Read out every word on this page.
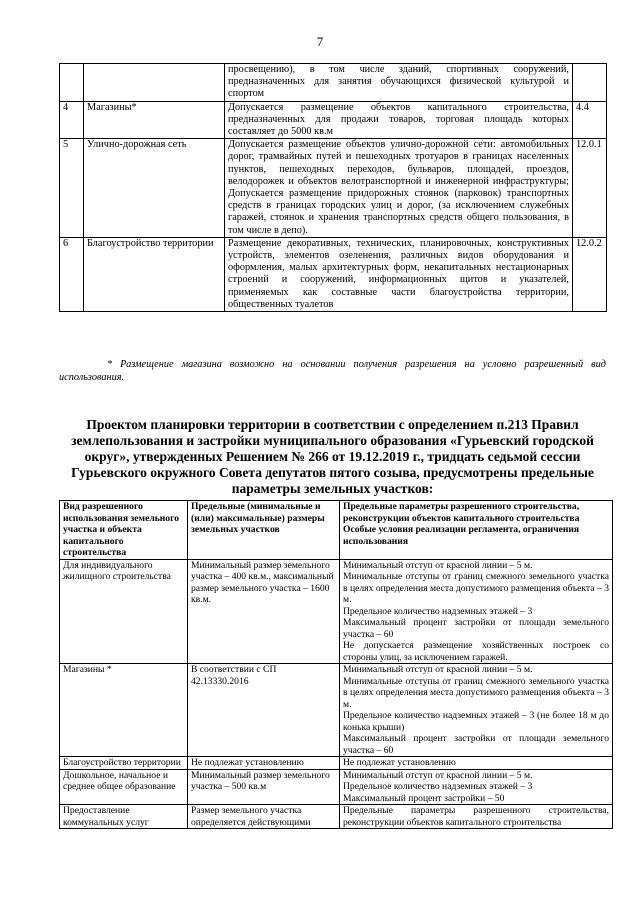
7
		просвещению), в том числе зданий, спортивных сооружений, предназначенных для занятия обучающихся физической культурой и спортом	
4	Магазины*	Допускается размещение объектов капитального строительства, предназначенных для продажи товаров, торговая площадь которых составляет до 5000 кв.м	4.4
5	Улично-дорожная сеть	Допускается размещение объектов улично-дорожной сети: автомобильных дорог, трамвайных путей и пешеходных тротуаров в границах населенных пунктов, пешеходных переходов, бульваров, площадей, проездов, велодорожек и объектов велотранспортной и инженерной инфраструктуры; Допускается размещение придорожных стоянок (парковок) транспортных средств в границах городских улиц и дорог, (за исключением служебных гаражей, стоянок и хранения транспортных средств общего пользования, в том числе в депо).	12.0.1
6	Благоустройство территории	Размещение декоративных, технических, планировочных, конструктивных устройств, элементов озеленения, различных видов оборудования и оформления, малых архитектурных форм, некапитальных нестационарных строений и сооружений, информационных щитов и указателей, применяемых как составные части благоустройства территории, общественных туалетов	12.0.2
* Размещение магазина возможно на основании получения разрешения на условно разрешенный вид использования.
Проектом планировки территории в соответствии с определением п.213 Правил землепользования и застройки муниципального образования «Гурьевский городской округ», утвержденных Решением № 266 от 19.12.2019 г., тридцать седьмой сессии Гурьевского окружного Совета депутатов пятого созыва, предусмотрены предельные параметры земельных участков:
Вид разрешенного использования земельного участка и объекта капитального строительства	Предельные (минимальные и (или) максимальные) размеры земельных участков	Предельные параметры разрешенного строительства, реконструкции объектов капитального строительства Особые условия реализации регламента, ограничения использования
Для индивидуального жилищного строительства	Минимальный размер земельного участка – 400 кв.м., максимальный размер земельного участка – 1600 кв.м.	Минимальный отступ от красной линии – 5 м.
Минимальные отступы от границ смежного земельного участка в целях определения места допустимого размещения объекта – 3 м.
Предельное количество надземных этажей – 3
Максимальный процент застройки от площади земельного участка – 60
Не допускается размещение хозяйственных построек со стороны улиц, за исключением гаражей.

Магазины *	В соответствии с СП 42.13330.2016	Минимальный отступ от красной линии – 5 м.
Минимальные отступы от границ смежного земельного участка в целях определения места допустимого размещения объекта – 3 м.
Предельное количество надземных этажей – 3 (не более 18 м до конька крыши)
Максимальный процент застройки от площади земельного участка – 60

Благоустройство территории	Не подлежат установлению	Не подлежат установлению

Дошкольное, начальное и среднее общее образование	Минимальный размер земельного участка – 500 кв.м	Минимальный отступ от красной линии – 5 м.
Предельное количество надземных этажей – 3
Максимальный процент застройки – 50

Предоставление коммунальных услуг	Размер земельного участка определяется действующими	Предельные параметры разрешенного строительства, реконструкции объектов капитального строительства
